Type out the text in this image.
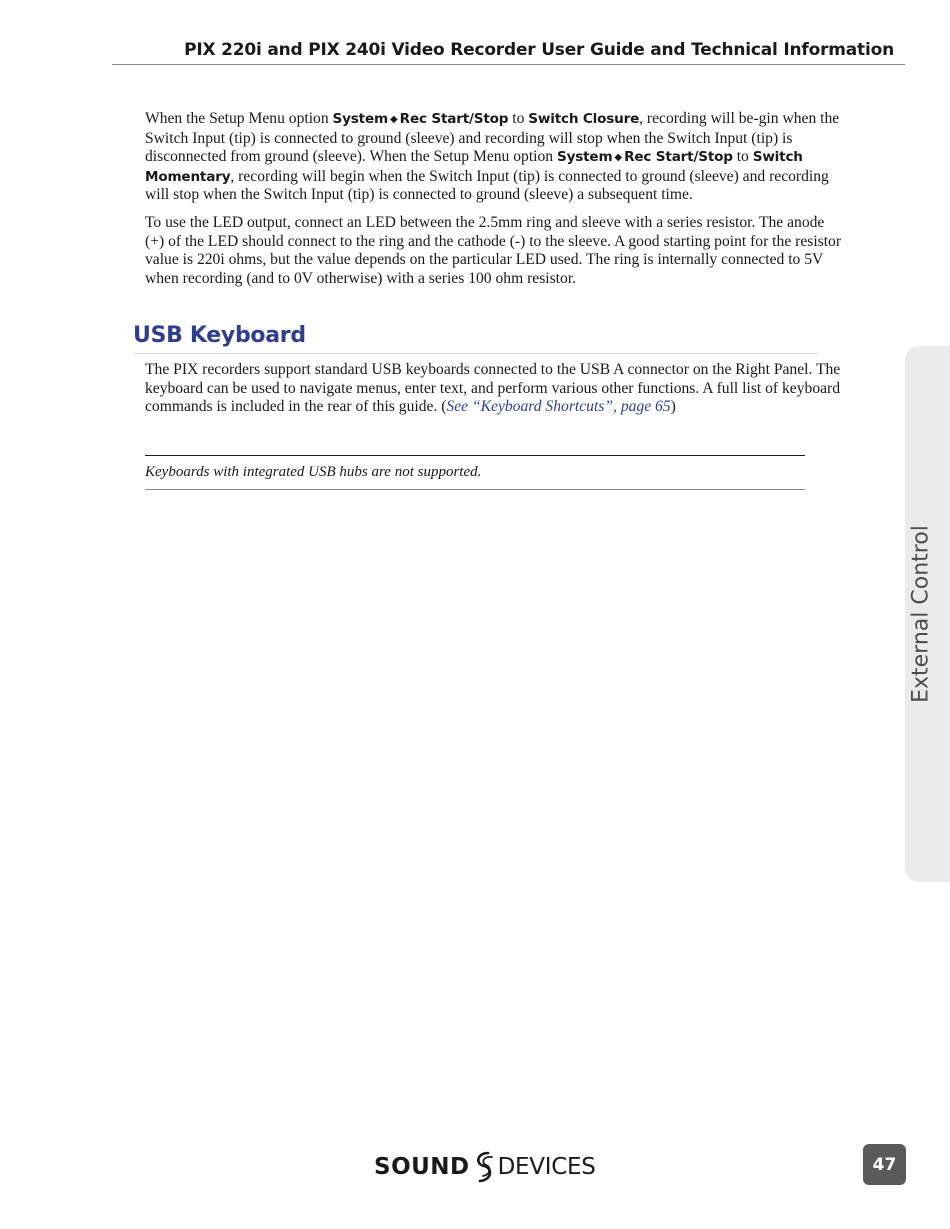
PIX 220i and PIX 240i Video Recorder User Guide and Technical Information

When the Setup Menu option System ◆ Rec Start/Stop to Switch Closure, recording will be-gin when the Switch Input (tip) is connected to ground (sleeve) and recording will stop when the Switch Input (tip) is disconnected from ground (sleeve). When the Setup Menu option System ◆ Rec Start/Stop to Switch Momentary, recording will begin when the Switch Input (tip) is connected to ground (sleeve) and recording will stop when the Switch Input (tip) is connected to ground (sleeve) a subsequent time.

To use the LED output, connect an LED between the 2.5mm ring and sleeve with a series resistor. The anode (+) of the LED should connect to the ring and the cathode (-) to the sleeve. A good starting point for the resistor value is 220i ohms, but the value depends on the particular LED used. The ring is internally connected to 5V when recording (and to 0V otherwise) with a series 100 ohm resistor.

USB Keyboard

The PIX recorders support standard USB keyboards connected to the USB A connector on the Right Panel. The keyboard can be used to navigate menus, enter text, and perform various other functions. A full list of keyboard commands is included in the rear of this guide. (See “Keyboard Shortcuts”, page 65)

Keyboards with integrated USB hubs are not supported.
External Control
SOUND DEVICES	47
